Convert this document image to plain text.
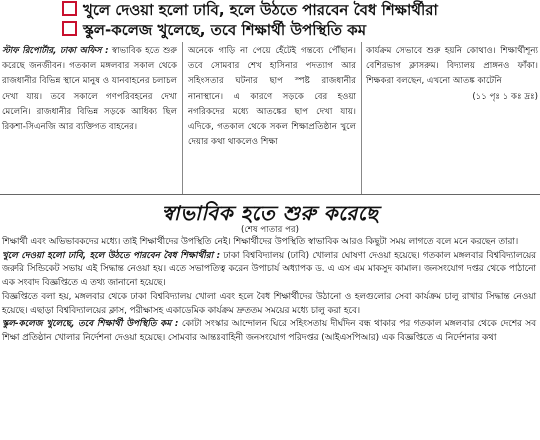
খুলে দেওয়া হলো ঢাবি, হলে উঠতে পারবেন বৈধ শিক্ষার্থীরা
স্কুল-কলেজ খুলেছে, তবে শিক্ষার্থী উপস্থিতি কম

স্টাফ রিপোর্টার, ঢাকা অফিস : স্বাভাবিক হতে শুরু করেছে জনজীবন। গতকাল মঙ্গলবার সকাল থেকে রাজধানীর বিভিন্ন স্থানে মানুষ ও যানবাহনের চলাচল দেখা যায়। তবে সকালে গণপরিবহনের দেখা মেলেনি। রাজধানীর বিভিন্ন সড়কে আধিক্য ছিল রিকশা-সিএনজি আর ব্যক্তিগত বাহনের।

অনেকে গাড়ি না পেয়ে হেঁটেই গন্তব্যে পৌঁছান। তবে সোমবার শেখ হাসিনার পদত্যাগ আর সহিংসতার ঘটনার ছাপ স্পষ্ট রাজধানীর নানাস্থানে। এ কারণে সড়কে বের হওয়া নগরিকদের মধ্যে আতঙ্কের ছাপ দেখা যায়। এদিকে, গতকাল থেকে সকল শিক্ষাপ্রতিষ্ঠান খুলে দেয়ার কথা থাকলেও শিক্ষা

কার্যক্রম সেভাবে শুরু হয়নি কোথাও। শিক্ষার্থীশূন্য বেশিরভাগ ক্লাসরুম। বিদ্যালয় প্রাঙ্গনও ফাঁকা। শিক্ষকরা বলছেন, এখনো আতঙ্ক কাটেনি

(১১ পৃঃ ১ কঃ দ্রঃ)

স্বাভাবিক হতে শুরু করেছে
(শেষ পাতার পর)

শিক্ষার্থী এবং অভিভাবকদের মধ্যে। তাই শিক্ষার্থীদের উপস্থিতি নেই। শিক্ষার্থীদের উপস্থিতি স্বাভাবিক আরও কিছুটা সময় লাগতে বলে মনে করছেন তারা।

খুলে দেওয়া হলো ঢাবি, হলে উঠতে পারবেন বৈধ শিক্ষার্থীরা : ঢাকা বিশ্ববিদ্যালয় (ঢাবি) খোলার ঘোষণা দেওয়া হয়েছে। গতকাল মঙ্গলবার বিশ্ববিদ্যালয়ের জরুরি সিন্ডিকেট সভায় এই সিদ্ধান্ত নেওয়া হয়। এতে সভাপতিত্ব করেন উপাচার্য অধ্যাপক ড. এ এস এম মাকসুদ কামাল। জনসংযোগ দপ্তর থেকে পাঠানো এক সংবাদ বিজ্ঞপ্তিতে এ তথ্য জানানো হয়েছে।

বিজ্ঞপ্তিতে বলা হয়, মঙ্গলবার থেকে ঢাকা বিশ্ববিদ্যালয় খোলা এবং হলে বৈধ শিক্ষার্থীদের উঠানো ও হলগুলোর সেবা কার্যক্রম চালু রাখার সিদ্ধান্ত নেওয়া হয়েছে। এছাড়া বিশ্ববিদ্যালয়ের ক্লাস, পরীক্ষাসহ একাডেমিক কার্যক্রম দ্রুততম সময়ের মধ্যে চালু করা হবে।

স্কুল-কলেজ খুলেছে, তবে শিক্ষার্থী উপস্থিতি কম : কোটা সংস্কার আন্দোলন ঘিরে সহিংসতায় দীর্ঘদিন বন্ধ থাকার পর গতকাল মঙ্গলবার থেকে দেশের সব শিক্ষা প্রতিষ্ঠান খোলার নির্দেশনা দেওয়া হয়েছে। সোমবার আন্তঃবাহিনী জনসংযোগ পরিদপ্তর (আইএসপিআর) এক বিজ্ঞপ্তিতে এ নির্দেশনার কথা
